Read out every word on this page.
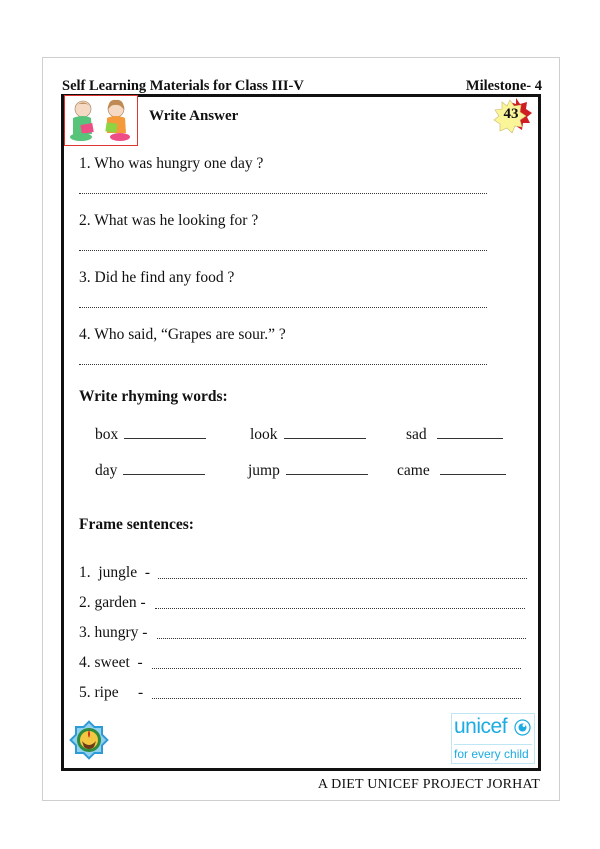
Self Learning Materials for Class III-V	Milestone- 4
Write Answer	43
1. Who was hungry one day ?
2. What was he looking for ?
3. Did he find any food ?
4. Who said, “Grapes are sour.” ?
Write rhyming words:
box	look	sad
day	jump	came
Frame sentences:
1.  jungle  -
2. garden -
3. hungry -
4. sweet  -
5. ripe     -
unicef
for every child
A DIET UNICEF PROJECT JORHAT
